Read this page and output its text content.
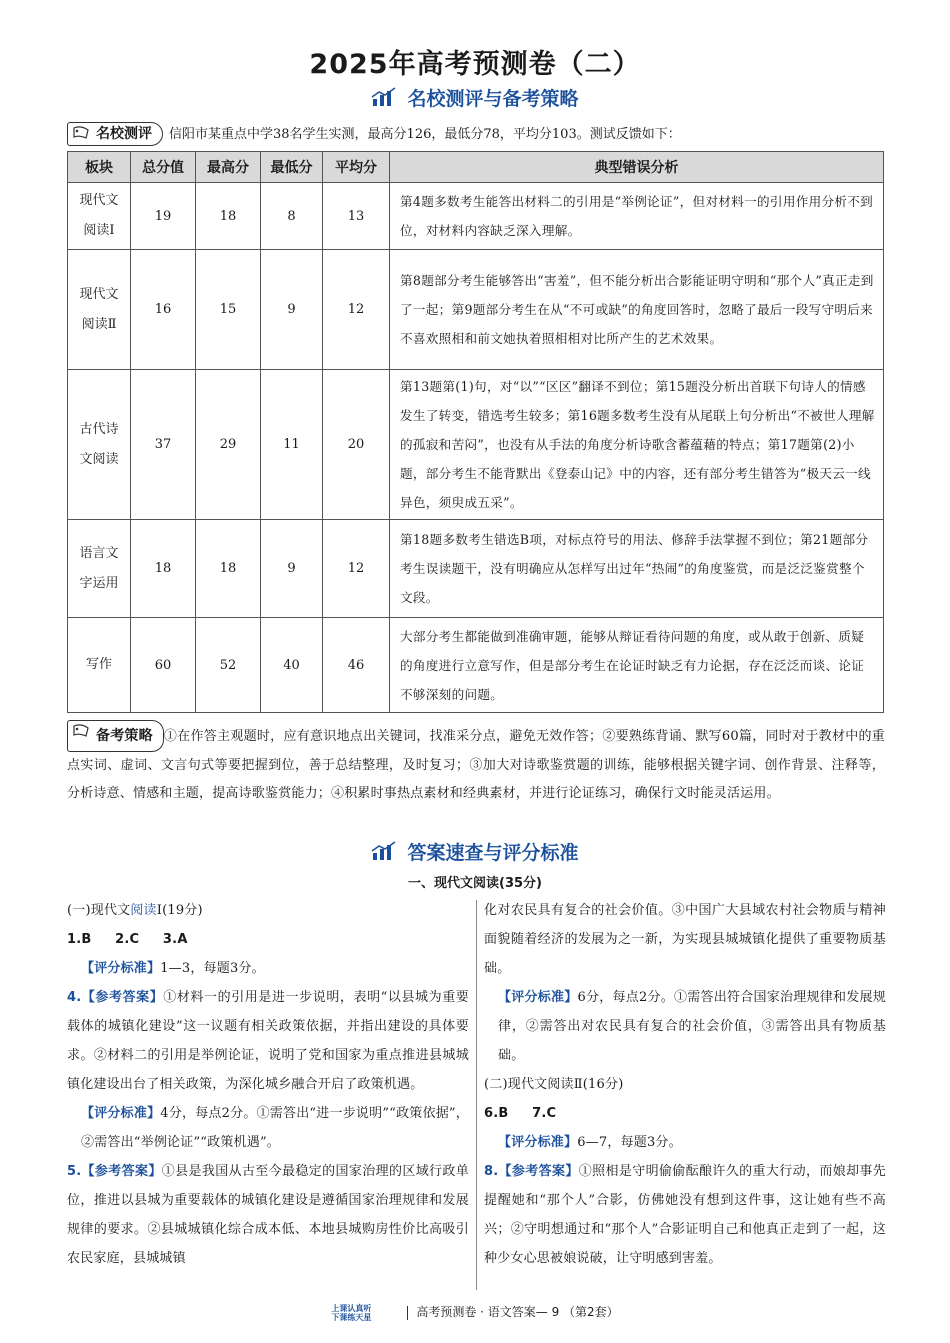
2025年高考预测卷（二）
名校测评与备考策略
名校测评 信阳市某重点中学38名学生实测，最高分126，最低分78，平均分103。测试反馈如下：
板块	总分值	最高分	最低分	平均分	典型错误分析
现代文阅读Ⅰ	19	18	8	13	第4题多数考生能答出材料二的引用是“举例论证”，但对材料一的引用作用分析不到位，对材料内容缺乏深入理解。
现代文阅读Ⅱ	16	15	9	12	第8题部分考生能够答出“害羞”，但不能分析出合影能证明守明和“那个人”真正走到了一起；第9题部分考生在从“不可或缺”的角度回答时，忽略了最后一段写守明后来不喜欢照相和前文她执着照相相对比所产生的艺术效果。
古代诗文阅读	37	29	11	20	第13题第(1)句，对“以”“区区”翻译不到位；第15题没分析出首联下句诗人的情感发生了转变，错选考生较多；第16题多数考生没有从尾联上句分析出“不被世人理解的孤寂和苦闷”，也没有从手法的角度分析诗歌含蓄蕴藉的特点；第17题第(2)小题，部分考生不能背默出《登泰山记》中的内容，还有部分考生错答为“极天云一线异色，须臾成五采”。
语言文字运用	18	18	9	12	第18题多数考生错选B项，对标点符号的用法、修辞手法掌握不到位；第21题部分考生误读题干，没有明确应从怎样写出过年“热闹”的角度鉴赏，而是泛泛鉴赏整个文段。
写作	60	52	40	46	大部分考生都能做到准确审题，能够从辩证看待问题的角度，或从敢于创新、质疑的角度进行立意写作，但是部分考生在论证时缺乏有力论据，存在泛泛而谈、论证不够深刻的问题。
备考策略 ①在作答主观题时，应有意识地点出关键词，找准采分点，避免无效作答；②要熟练背诵、默写60篇，同时对于教材中的重点实词、虚词、文言句式等要把握到位，善于总结整理，及时复习；③加大对诗歌鉴赏题的训练，能够根据关键字词、创作背景、注释等，分析诗意、情感和主题，提高诗歌鉴赏能力；④积累时事热点素材和经典素材，并进行论证练习，确保行文时能灵活运用。
答案速查与评分标准
一、现代文阅读(35分)

(一)现代文阅读Ⅰ(19分)

1.B 2.C 3.A

【评分标准】1—3，每题3分。

4.【参考答案】①材料一的引用是进一步说明，表明“以县城为重要载体的城镇化建设”这一议题有相关政策依据，并指出建设的具体要求。②材料二的引用是举例论证，说明了党和国家为重点推进县城城镇化建设出台了相关政策，为深化城乡融合开启了政策机遇。

【评分标准】4分，每点2分。①需答出“进一步说明”“政策依据”，②需答出“举例论证”“政策机遇”。

5.【参考答案】①县是我国从古至今最稳定的国家治理的区域行政单位，推进以县城为重要载体的城镇化建设是遵循国家治理规律和发展规律的要求。②县城城镇化综合成本低、本地县城购房性价比高吸引农民家庭，县城城镇

化对农民具有复合的社会价值。③中国广大县域农村社会物质与精神面貌随着经济的发展为之一新，为实现县城城镇化提供了重要物质基础。

【评分标准】6分，每点2分。①需答出符合国家治理规律和发展规律，②需答出对农民具有复合的社会价值，③需答出具有物质基础。

(二)现代文阅读Ⅱ(16分)

6.B 7.C

【评分标准】6—7，每题3分。

8.【参考答案】①照相是守明偷偷酝酿许久的重大行动，而娘却事先提醒她和“那个人”合影，仿佛她没有想到这件事，这让她有些不高兴；②守明想通过和“那个人”合影证明自己和他真正走到了一起，这种少女心思被娘说破，让守明感到害羞。

上课认真听
下课练天星	高考预测卷 · 语文答案— 9 （第2套）
